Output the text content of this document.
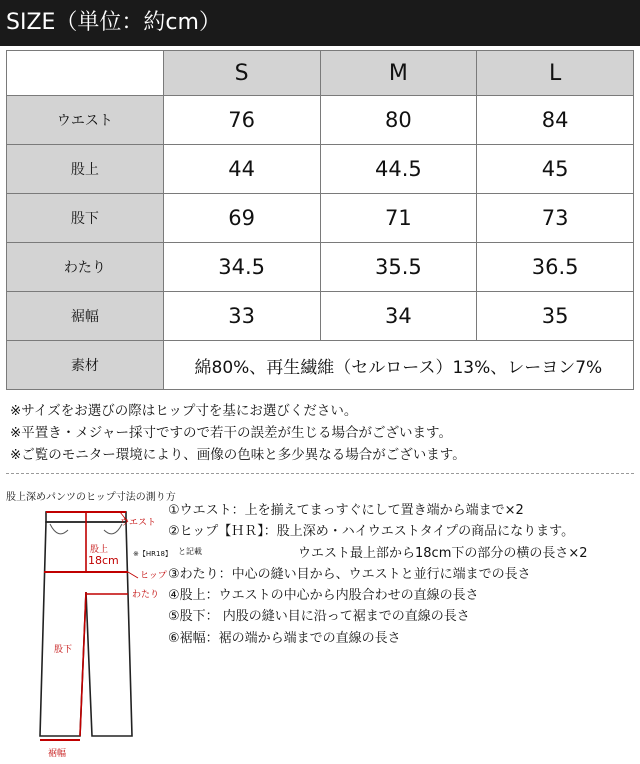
SIZE（単位：約cm）
	S	M	L
ウエスト	76	80	84
股上	44	44.5	45
股下	69	71	73
わたり	34.5	35.5	36.5
裾幅	33	34	35
素材	綿80%、再生繊維（セルロース）13%、レーヨン7%		
※サイズをお選びの際はヒップ寸を基にお選びください。
※平置き・メジャー採寸ですので若干の誤差が生じる場合がございます。
※ご覧のモニター環境により、画像の色味と多少異なる場合がございます。
股上深めパンツのヒップ寸法の測り方
ウエスト
股上
18cm ※【HR18】
ヒップ
わたり
股下
裾幅
と記載
①ウエスト：上を揃えてまっすぐにして置き端から端まで×2
②ヒップ【ＨＲ】：股上深め・ハイウエストタイプの商品になります。
ウエスト最上部から18cm下の部分の横の長さ×2
③わたり：中心の縫い目から、ウエストと並行に端までの長さ
④股上：ウエストの中心から内股合わせの直線の長さ
⑤股下： 内股の縫い目に沿って裾までの直線の長さ
⑥裾幅：裾の端から端までの直線の長さ
